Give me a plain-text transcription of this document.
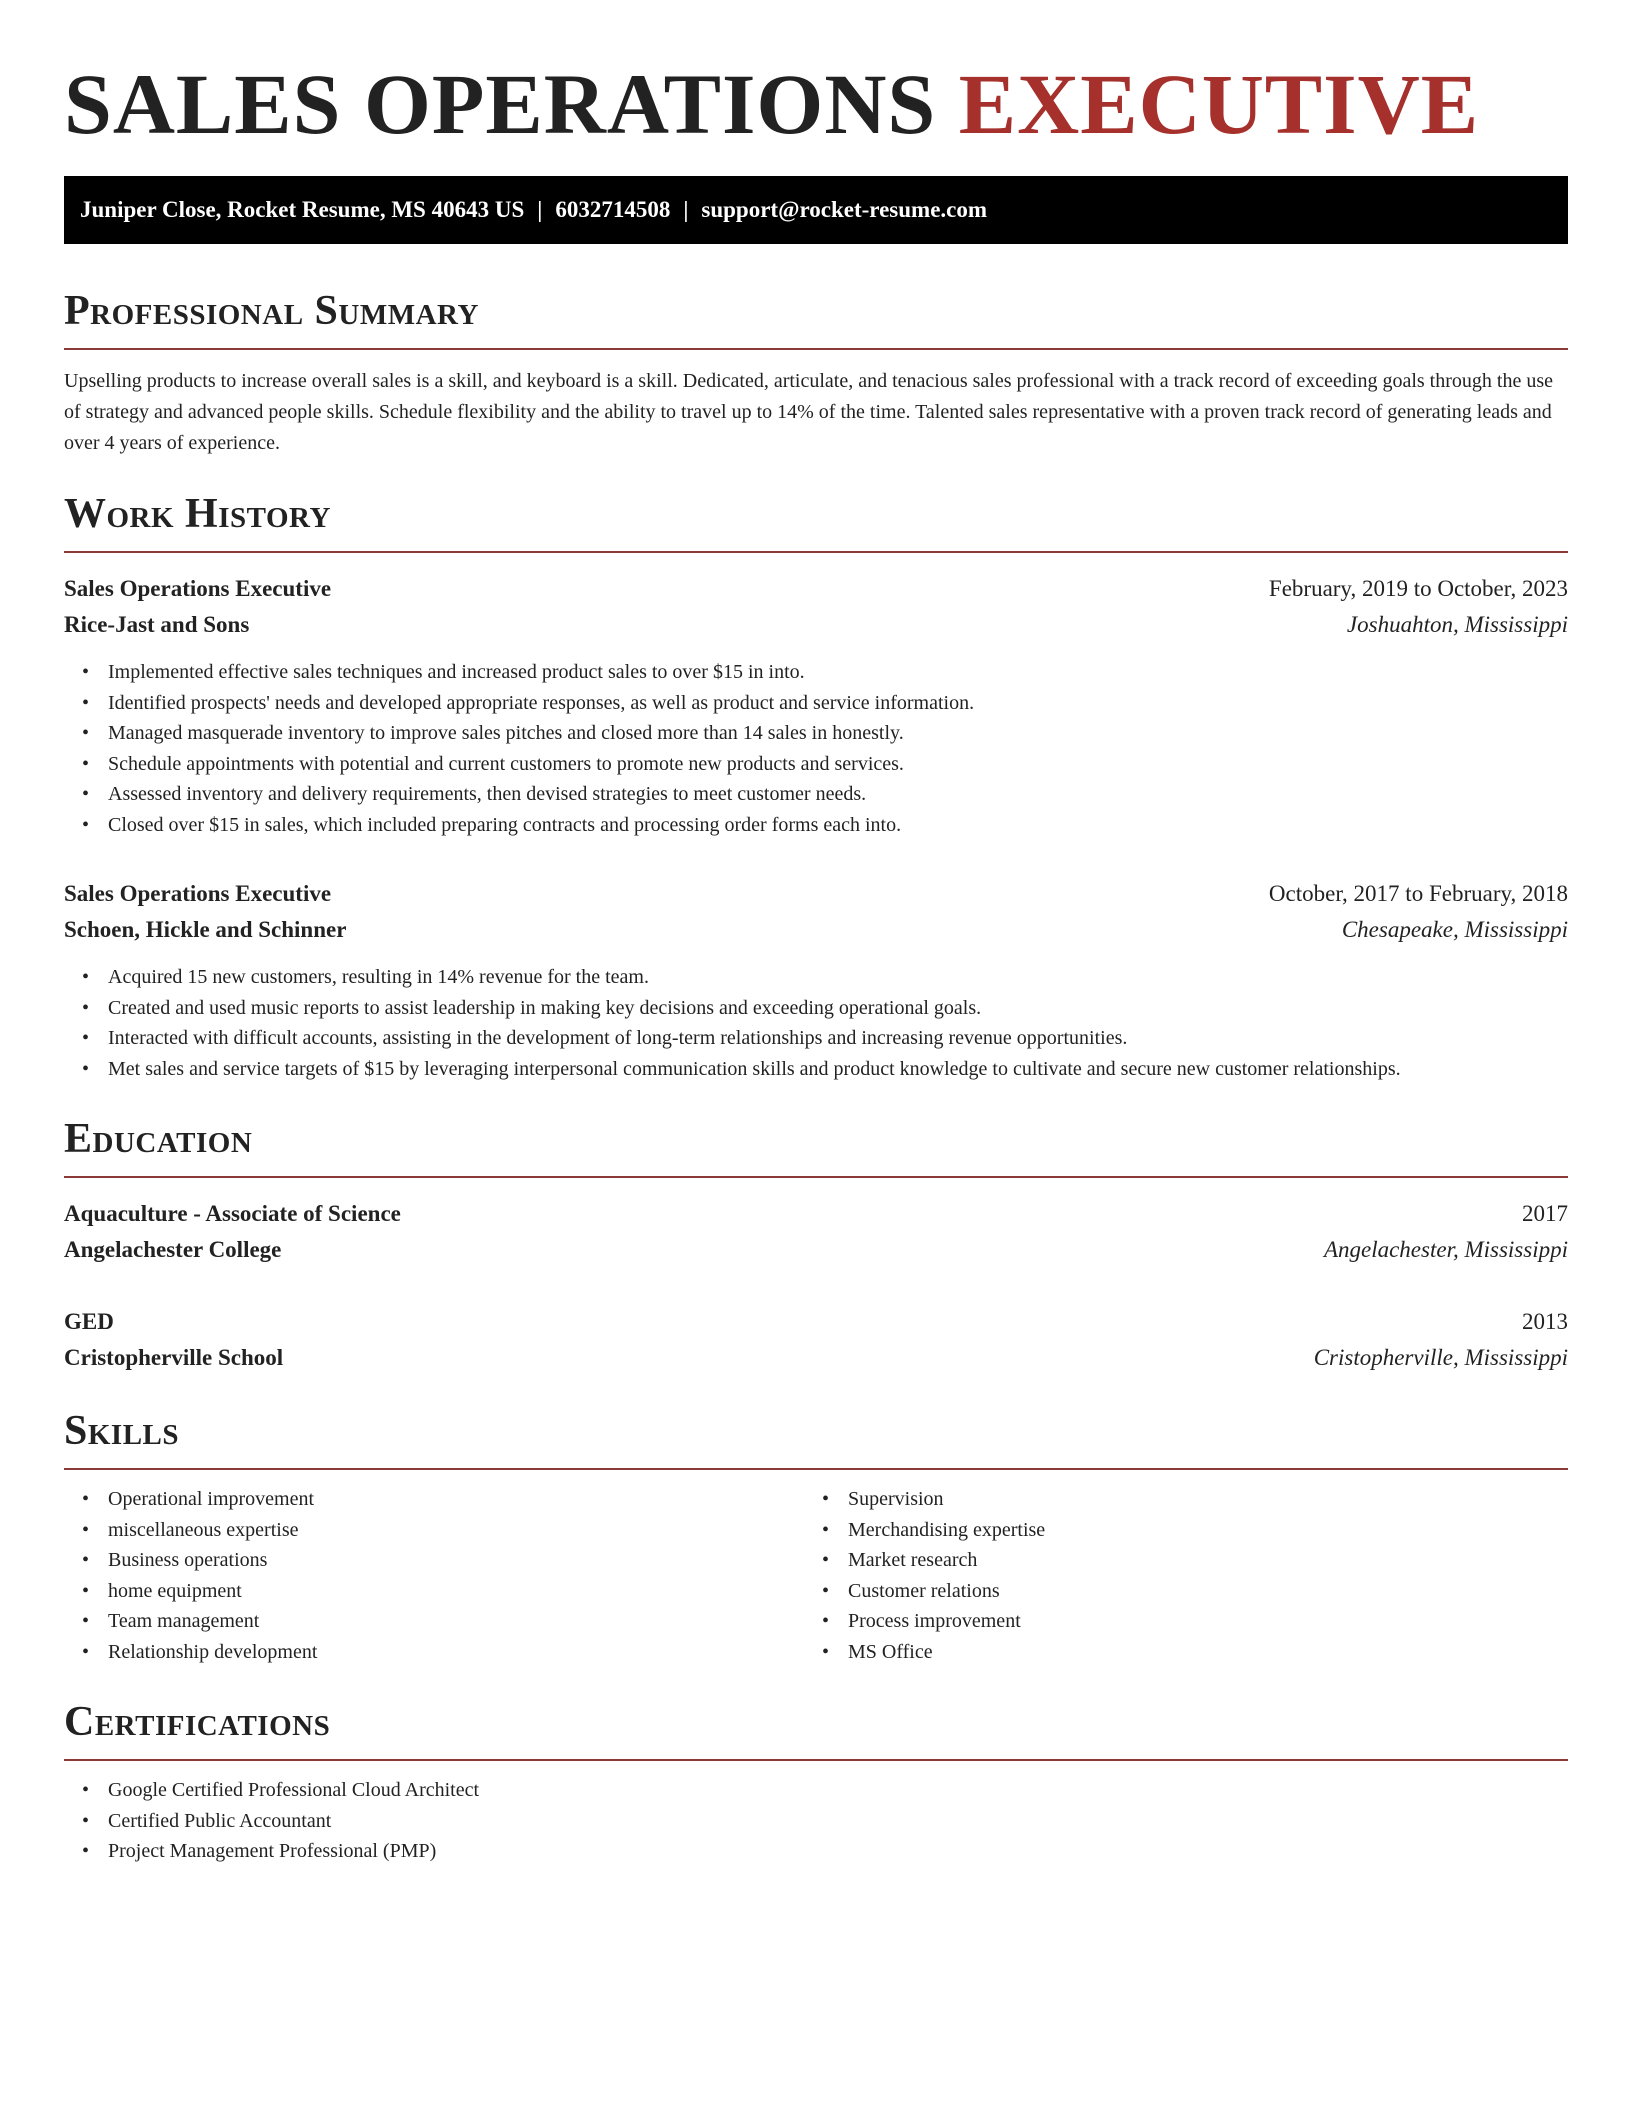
SALES OPERATIONS EXECUTIVE
Juniper Close, Rocket Resume, MS 40643 US | 6032714508 | support@rocket-resume.com
Professional Summary

Upselling products to increase overall sales is a skill, and keyboard is a skill. Dedicated, articulate, and tenacious sales professional with a track record of exceeding goals through the use of strategy and advanced people skills. Schedule flexibility and the ability to travel up to 14% of the time. Talented sales representative with a proven track record of generating leads and over 4 years of experience.

Work History
Sales Operations Executive	February, 2019 to October, 2023
Rice-Jast and Sons	Joshuahton, Mississippi
• Implemented effective sales techniques and increased product sales to over $15 in into.
• Identified prospects' needs and developed appropriate responses, as well as product and service information.
• Managed masquerade inventory to improve sales pitches and closed more than 14 sales in honestly.
• Schedule appointments with potential and current customers to promote new products and services.
• Assessed inventory and delivery requirements, then devised strategies to meet customer needs.
• Closed over $15 in sales, which included preparing contracts and processing order forms each into.
Sales Operations Executive	October, 2017 to February, 2018
Schoen, Hickle and Schinner	Chesapeake, Mississippi
• Acquired 15 new customers, resulting in 14% revenue for the team.
• Created and used music reports to assist leadership in making key decisions and exceeding operational goals.
• Interacted with difficult accounts, assisting in the development of long-term relationships and increasing revenue opportunities.
• Met sales and service targets of $15 by leveraging interpersonal communication skills and product knowledge to cultivate and secure new customer relationships.
Education
Aquaculture - Associate of Science	2017
Angelachester College	Angelachester, Mississippi
GED	2013
Cristopherville School	Cristopherville, Mississippi
Skills
• Operational improvement
• miscellaneous expertise
• Business operations
• home equipment
• Team management
• Relationship development
• Supervision
• Merchandising expertise
• Market research
• Customer relations
• Process improvement
• MS Office
Certifications
• Google Certified Professional Cloud Architect
• Certified Public Accountant
• Project Management Professional (PMP)
